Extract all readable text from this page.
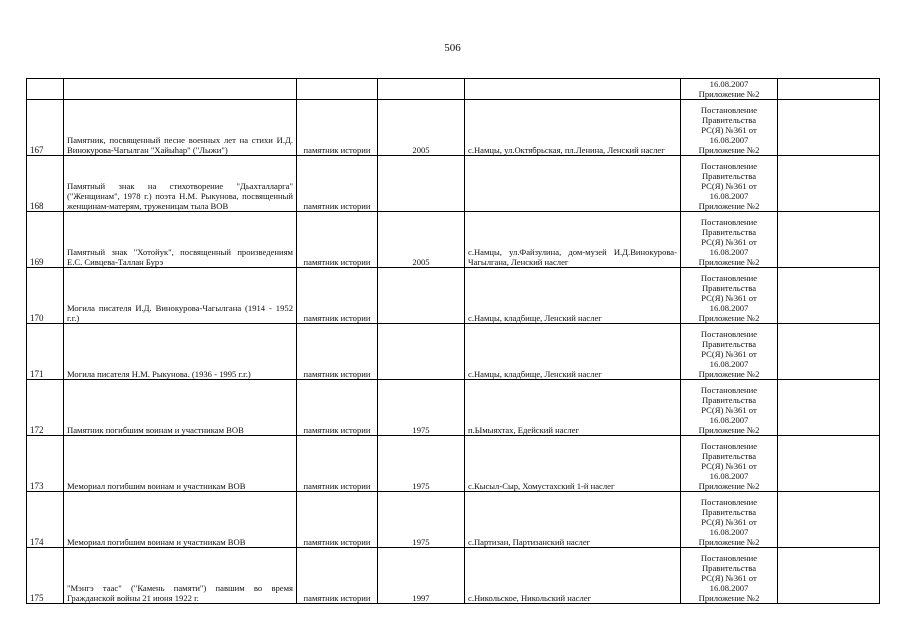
506

					16.08.2007
Приложение №2	

167	Памятник, посвященный песне военных лет на стихи И.Д. Винокурова-Чагылган "Хайыһар" ("Лыжи")	памятник истории	2005	с.Намцы, ул.Октябрьская, пл.Ленина, Ленский наслег	Постановление
Правительства
РС(Я) №361 от
16.08.2007
Приложение №2	

168	Памятный знак на стихотворение "Дьахталларга" ("Женщинам", 1978 г.) поэта Н.М. Рыкунова, посвященный женщинам-матерям, труженицам тыла ВОВ	памятник истории			Постановление
Правительства
РС(Я) №361 от
16.08.2007
Приложение №2	

169	Памятный знак "Хотойук", посвященный произведениям Е.С. Сивцева-Таллан Бурэ	памятник истории	2005	с.Намцы, ул.Файзулина, дом-музей И.Д.Винокурова-Чагылгана, Ленский наслег	Постановление
Правительства
РС(Я) №361 от
16.08.2007
Приложение №2	

170	Могила писателя И.Д. Винокурова-Чагылгана (1914 - 1952 г.г.)	памятник истории		с.Намцы, кладбище, Ленский наслег	Постановление
Правительства
РС(Я) №361 от
16.08.2007
Приложение №2	

171	Могила писателя Н.М. Рыкунова. (1936 - 1995 г.г.)	памятник истории		с.Намцы, кладбище, Ленский наслег	Постановление
Правительства
РС(Я) №361 от
16.08.2007
Приложение №2	

172	Памятник погибшим воинам и участникам ВОВ	памятник истории	1975	п.Ымыяхтах, Едейский наслег	Постановление
Правительства
РС(Я) №361 от
16.08.2007
Приложение №2	

173	Мемориал погибшим воинам и участникам ВОВ	памятник истории	1975	с.Кысыл-Сыр, Хомустахский 1-й наслег	Постановление
Правительства
РС(Я) №361 от
16.08.2007
Приложение №2	

174	Мемориал погибшим воинам и участникам ВОВ	памятник истории	1975	с.Партизан, Партизанский наслег	Постановление
Правительства
РС(Я) №361 от
16.08.2007
Приложение №2	

175	"Мэнгэ таас" ("Камень памяти") павшим во время Гражданской войны 21 июня 1922 г.	памятник истории	1997	с.Никольское, Никольский наслег	Постановление
Правительства
РС(Я) №361 от
16.08.2007
Приложение №2	
